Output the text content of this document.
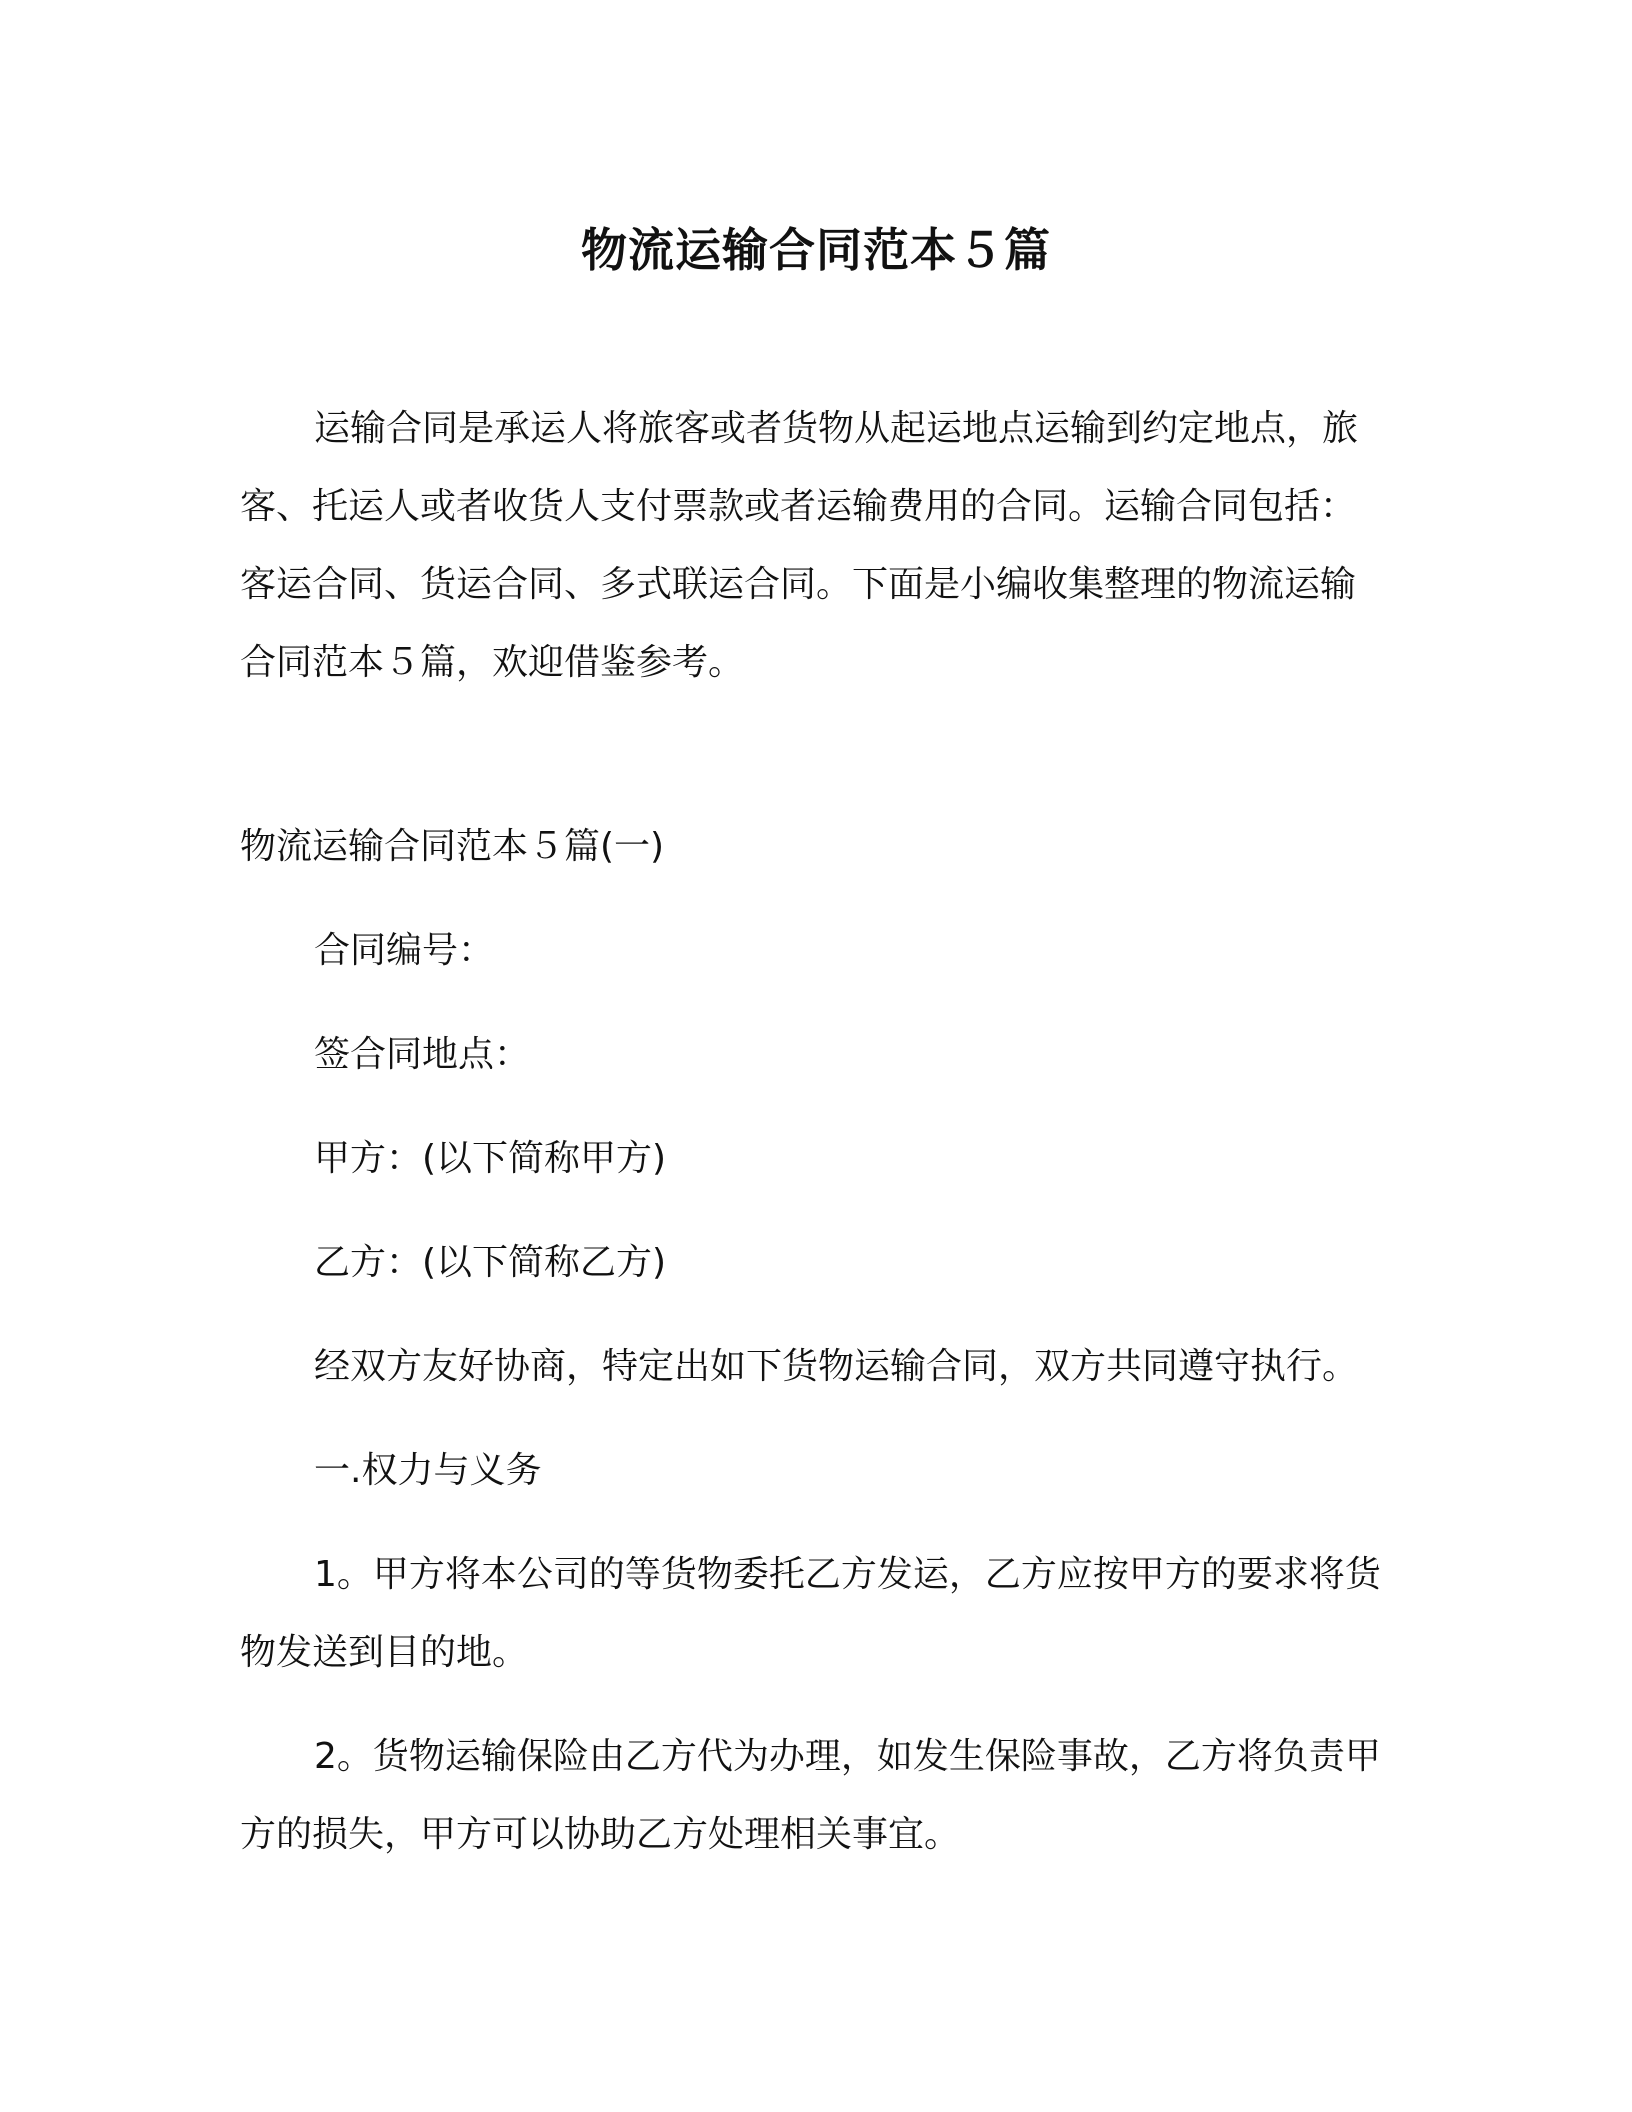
物流运输合同范本５篇

运输合同是承运人将旅客或者货物从起运地点运输到约定地点，旅客、托运人或者收货人支付票款或者运输费用的合同。运输合同包括：客运合同、货运合同、多式联运合同。下面是小编收集整理的物流运输合同范本５篇，欢迎借鉴参考。

物流运输合同范本５篇(一)
合同编号：
签合同地点：
甲方：(以下简称甲方)
乙方：(以下简称乙方)
经双方友好协商，特定出如下货物运输合同，双方共同遵守执行。
一.权力与义务

1。甲方将本公司的等货物委托乙方发运，乙方应按甲方的要求将货物发送到目的地。

2。货物运输保险由乙方代为办理，如发生保险事故，乙方将负责甲方的损失，甲方可以协助乙方处理相关事宜。
